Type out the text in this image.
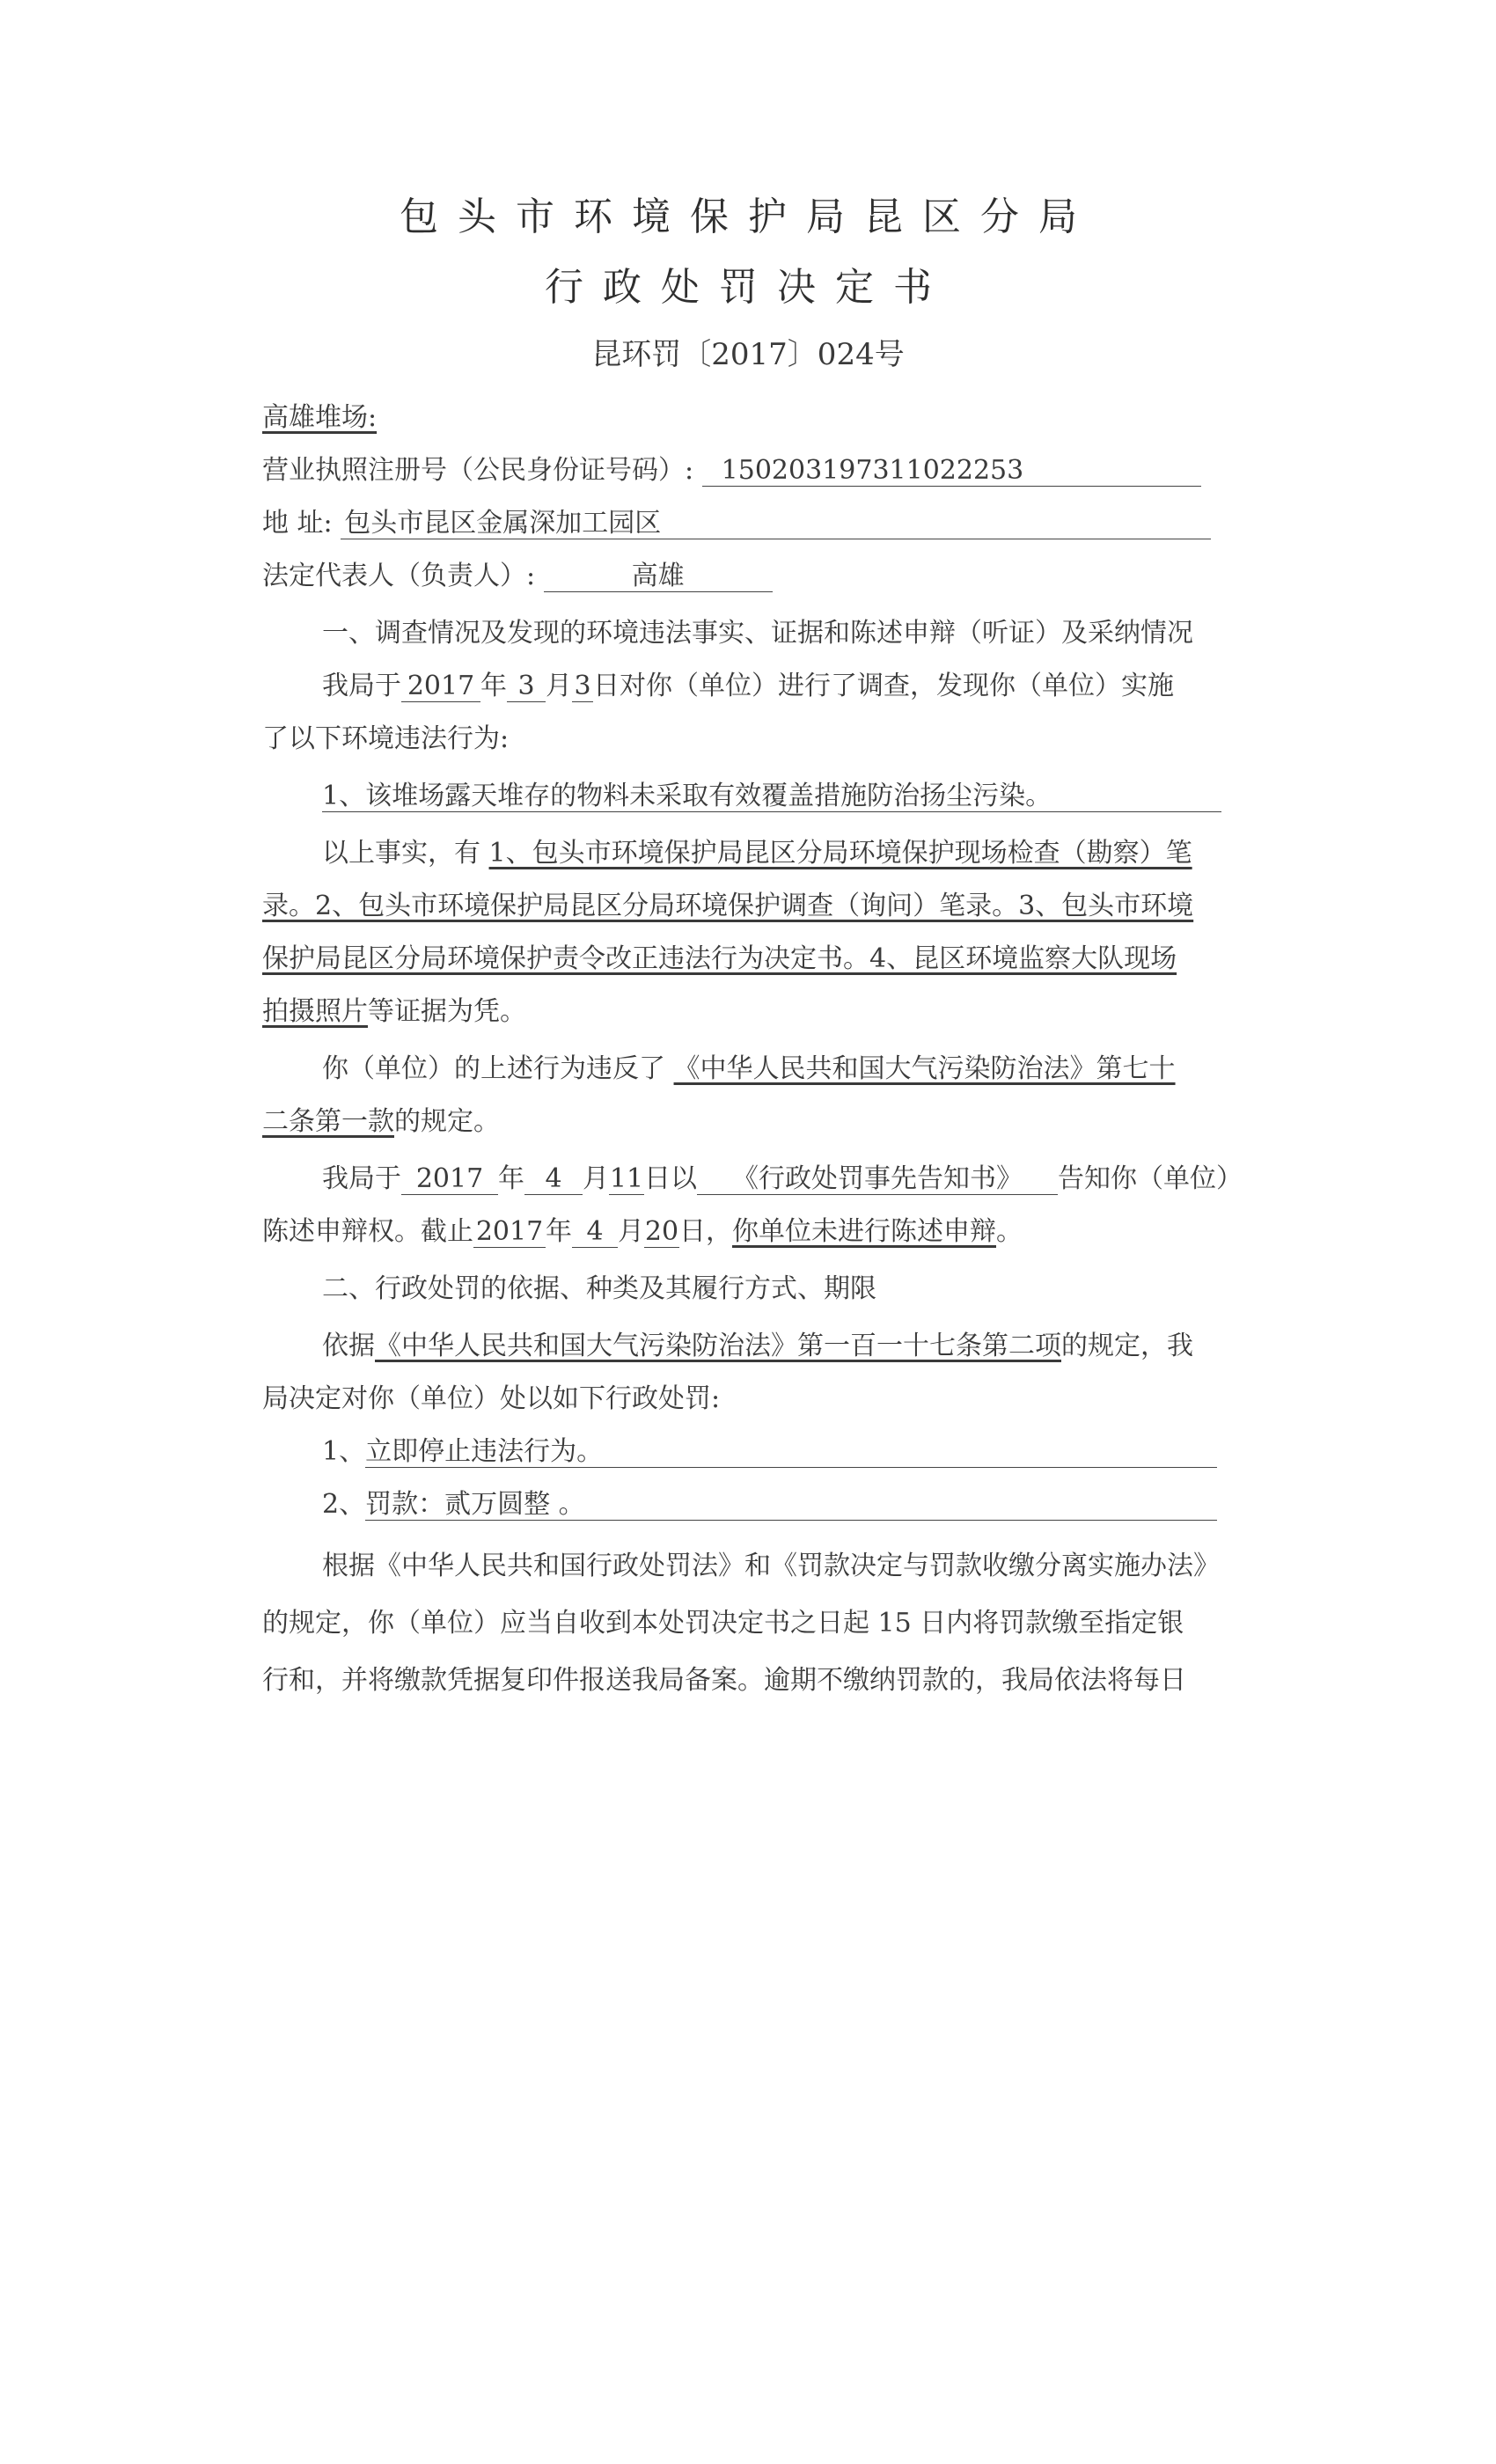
包头市环境保护局昆区分局
行政处罚决定书
昆环罚〔2017〕024号
高雄堆场:
营业执照注册号（公民身份证号码）: 150203197311022253
地 址: 包头市昆区金属深加工园区
法定代表人（负责人）:	高雄
一、调查情况及发现的环境违法事实、证据和陈述申辩（听证）及采纳情况
我局于 2017 年 3 月3日对你（单位）进行了调查，发现你（单位）实施
了以下环境违法行为:
1、该堆场露天堆存的物料未采取有效覆盖措施防治扬尘污染。
以上事实，有 1、包头市环境保护局昆区分局环境保护现场检查（勘察）笔
录。2、包头市环境保护局昆区分局环境保护调查（询问）笔录。3、包头市环境
保护局昆区分局环境保护责令改正违法行为决定书。4、昆区环境监察大队现场
拍摄照片等证据为凭。
你（单位）的上述行为违反了 《中华人民共和国大气污染防治法》第七十
二条第一款的规定。
我局于 2017 年 4 月11日以 《行政处罚事先告知书》 告知你（单位）
陈述申辩权。截止2017年 4 月20日，你单位未进行陈述申辩。
二、行政处罚的依据、种类及其履行方式、期限
依据《中华人民共和国大气污染防治法》第一百一十七条第二项的规定，我
局决定对你（单位）处以如下行政处罚:
1、立即停止违法行为。
2、罚款：贰万圆整 。
根据《中华人民共和国行政处罚法》和《罚款决定与罚款收缴分离实施办法》
的规定，你（单位）应当自收到本处罚决定书之日起 15 日内将罚款缴至指定银
行和，并将缴款凭据复印件报送我局备案。逾期不缴纳罚款的，我局依法将每日
